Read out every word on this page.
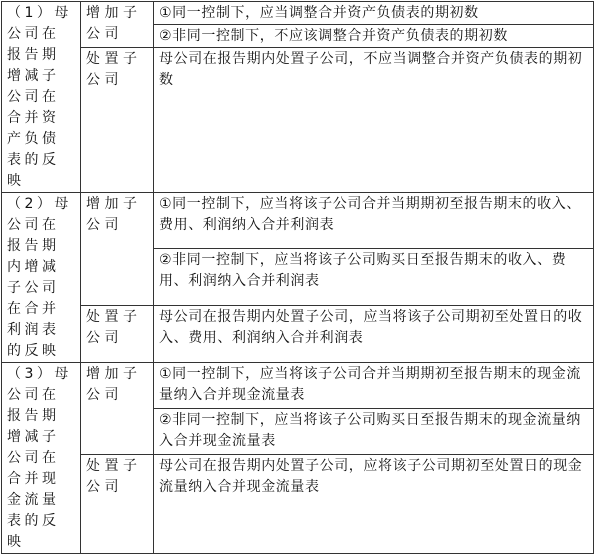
（1）母公司在报告期增减子公司在合并资产负债表的反映	增加子公司	①同一控制下，应当调整合并资产负债表的期初数
		②非同一控制下，不应该调整合并资产负债表的期初数
	处置子公司	母公司在报告期内处置子公司，不应当调整合并资产负债表的期初数

（2）母公司在报告期内增减子公司在合并利润表的反映	增加子公司	①同一控制下，应当将该子公司合并当期期初至报告期末的收入、费用、利润纳入合并利润表
		②非同一控制下，应当将该子公司购买日至报告期末的收入、费用、利润纳入合并利润表
	处置子公司	母公司在报告期内处置子公司，应当将该子公司期初至处置日的收入、费用、利润纳入合并利润表
（3）母公司在报告期增减子公司在合并现金流量表的反映	增加子公司	①同一控制下，应当将该子公司合并当期期初至报告期末的现金流量纳入合并现金流量表
		②非同一控制下，应当将该子公司购买日至报告期末的现金流量纳入合并现金流量表
	处置子公司	母公司在报告期内处置子公司，应将该子公司期初至处置日的现金流量纳入合并现金流量表
